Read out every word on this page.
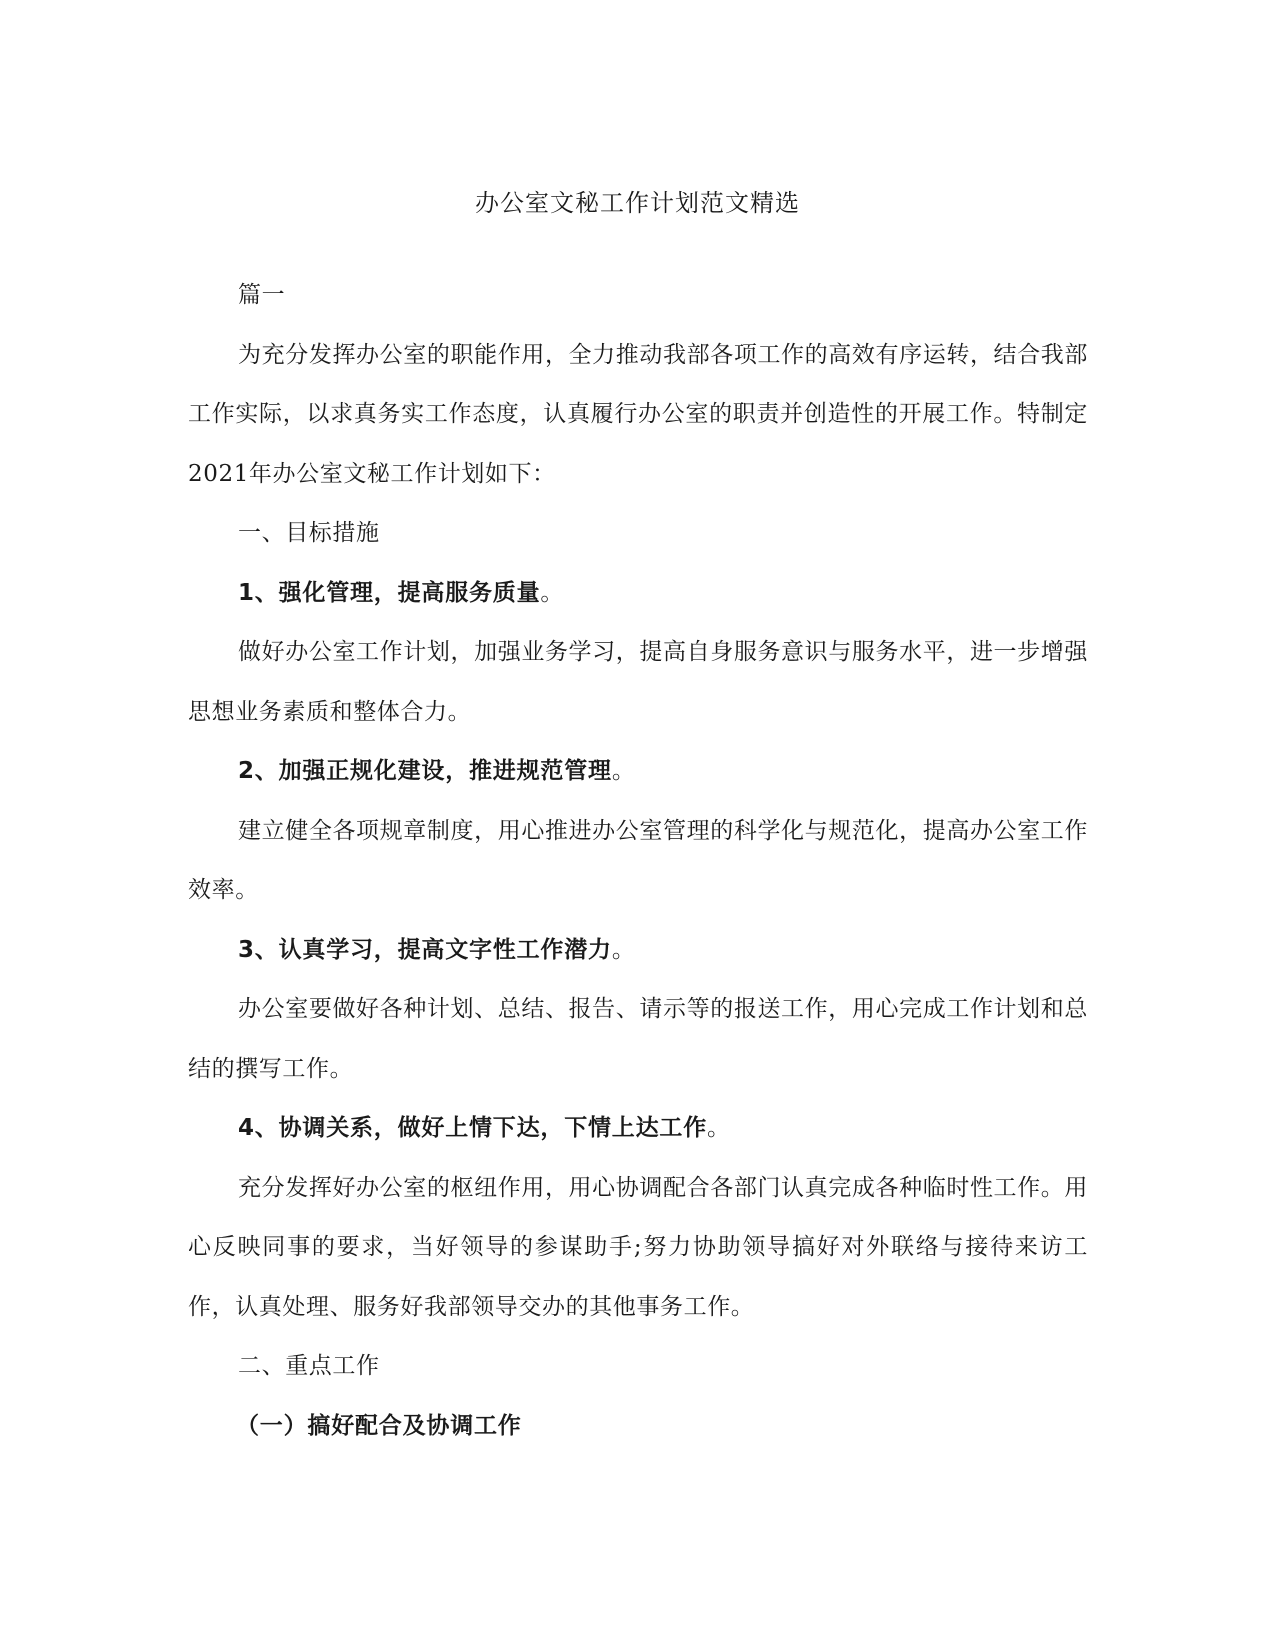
办公室文秘工作计划范文精选

篇一

为充分发挥办公室的职能作用，全力推动我部各项工作的高效有序运转，结合我部工作实际，以求真务实工作态度，认真履行办公室的职责并创造性的开展工作。特制定2021年办公室文秘工作计划如下：

一、目标措施

1、强化管理，提高服务质量。

做好办公室工作计划，加强业务学习，提高自身服务意识与服务水平，进一步增强思想业务素质和整体合力。

2、加强正规化建设，推进规范管理。

建立健全各项规章制度，用心推进办公室管理的科学化与规范化，提高办公室工作效率。

3、认真学习，提高文字性工作潜力。

办公室要做好各种计划、总结、报告、请示等的报送工作，用心完成工作计划和总结的撰写工作。

4、协调关系，做好上情下达，下情上达工作。

充分发挥好办公室的枢纽作用，用心协调配合各部门认真完成各种临时性工作。用心反映同事的要求，当好领导的参谋助手;努力协助领导搞好对外联络与接待来访工作，认真处理、服务好我部领导交办的其他事务工作。

二、重点工作

（一）搞好配合及协调工作
